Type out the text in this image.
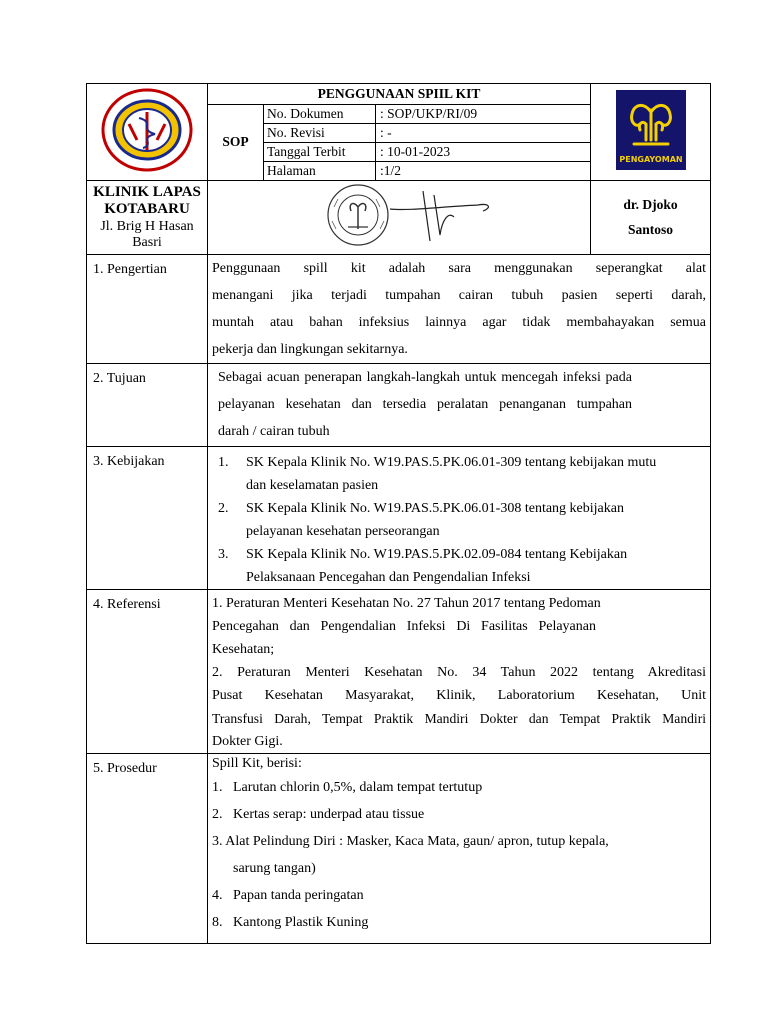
	PENGGUNAAN SPIIL KIT	
PENGAYOMAN

SOP	
No. Dokumen	: SOP/UKP/RI/09
No. Revisi	: -
Tanggal Terbit	: 10-01-2023
Halaman	:1/2

KLINIK LAPAS
KOTABARU
Jl. Brig H Hasan
Basri

dr. Djoko
Santoso

1. Pengertian	Penggunaan spill kit adalah sara menggunakan seperangkat alat
menangani jika terjadi tumpahan cairan tubuh pasien seperti darah,
muntah atau bahan infeksius lainnya agar tidak membahayakan semua
pekerja dan lingkungan sekitarnya.

2. Tujuan	Sebagai acuan penerapan langkah-langkah untuk mencegah infeksi pada
pelayanan kesehatan dan tersedia peralatan penanganan tumpahan
darah / cairan tubuh

3. Kebijakan	1.	SK Kepala Klinik No. W19.PAS.5.PK.06.01-309 tentang kebijakan mutu
dan keselamatan pasien
2.	SK Kepala Klinik No. W19.PAS.5.PK.06.01-308 tentang kebijakan
pelayanan kesehatan perseorangan
3.	SK Kepala Klinik No. W19.PAS.5.PK.02.09-084 tentang Kebijakan
Pelaksanaan Pencegahan dan Pengendalian Infeksi

4. Referensi	1. Peraturan Menteri Kesehatan No. 27 Tahun 2017 tentang Pedoman
Pencegahan dan Pengendalian Infeksi Di Fasilitas Pelayanan
Kesehatan;
2. Peraturan Menteri Kesehatan No. 34 Tahun 2022 tentang Akreditasi
Pusat Kesehatan Masyarakat, Klinik, Laboratorium Kesehatan, Unit
Transfusi Darah, Tempat Praktik Mandiri Dokter dan Tempat Praktik Mandiri
Dokter Gigi.

5. Prosedur	Spill Kit, berisi:
1.   Larutan chlorin 0,5%, dalam tempat tertutup
2.   Kertas serap: underpad atau tissue
3. Alat Pelindung Diri : Masker, Kaca Mata, gaun/ apron, tutup kepala,
sarung tangan)
4.   Papan tanda peringatan
8.   Kantong Plastik Kuning
